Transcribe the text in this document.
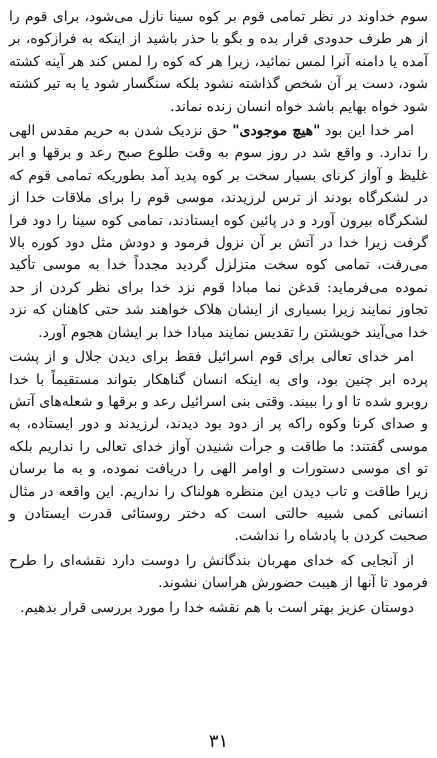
سوم خداوند در نظر تمامی قوم بر کوه سینا نازل می‌شود، برای قوم را از هر طرف حدودی قرار بده و بگو با حذر باشید از اینکه به فرازکوه، بر آمده یا دامنه آنرا لمس نمائید، زیرا هر که کوه را لمس کند هر آینه کشته شود، دست بر آن شخص گذاشته نشود بلکه سنگسار شود یا به تیر کشته شود خواه بهایم باشد خواه انسان زنده نماند.

امر خدا این بود "هیچ موجودی" حق نزدیک شدن به حریم مقدس الهی را ندارد. و واقع شد در روز سوم به وقت طلوع صبح رعد و برقها و ابر غلیظ و آواز کرنای بسیار سخت بر کوه پدید آمد بطوریکه تمامی قوم که در لشکرگاه بودند از ترس لرزیدند، موسی قوم را برای ملاقات خدا از لشکرگاه بیرون آورد و در پائین کوه ایستادند، تمامی کوه سینا را دود فرا گرفت زیرا خدا در آتش بر آن نزول فرمود و دودش مثل دود کوره بالا می‌رفت، تمامی کوه سخت متزلزل گردید مجدداً خدا به موسی تأکید نموده می‌فرماید: قدغن نما مبادا قوم نزد خدا برای نظر کردن از حد تجاوز نمایند زیرا بسیاری از ایشان هلاک خواهند شد حتی کاهنان که نزد خدا می‌آیند خویشتن را تقدیس نمایند مبادا خدا بر ایشان هجوم آورد.

امر خدای تعالی برای قوم اسرائیل فقط برای دیدن جلال و از پشت پرده ابر چنین بود، وای به اینکه انسان گناهکار بتواند مستقیماً با خدا روبرو شده تا او را ببیند. وقتی بنی اسرائیل رعد و برقها و شعله‌های آتش و صدای کرنا وکوه راکه پر از دود بود دیدند، لرزیدند و دور ایستاده، به موسی گفتند: ما طاقت و جرأت شنیدن آواز خدای تعالی را نداریم بلکه تو ای موسی دستورات و اوامر الهی را دریافت نموده، و به ما برسان زیرا طاقت و تاب دیدن این منظره هولناک را نداریم. این واقعه در مثال انسانی کمی شبیه حالتی است که دختر روستائی قدرت ایستادن و صحبت کردن با پادشاه را نداشت.

از آنجایی که خدای مهربان بندگانش را دوست دارد نقشه‌ای را طرح فرمود تا آنها از هیبت حضورش هراسان نشوند.

دوستان عزیز بهتر است با هم نقشه خدا را مورد بررسی قرار بدهیم.

۳۱
